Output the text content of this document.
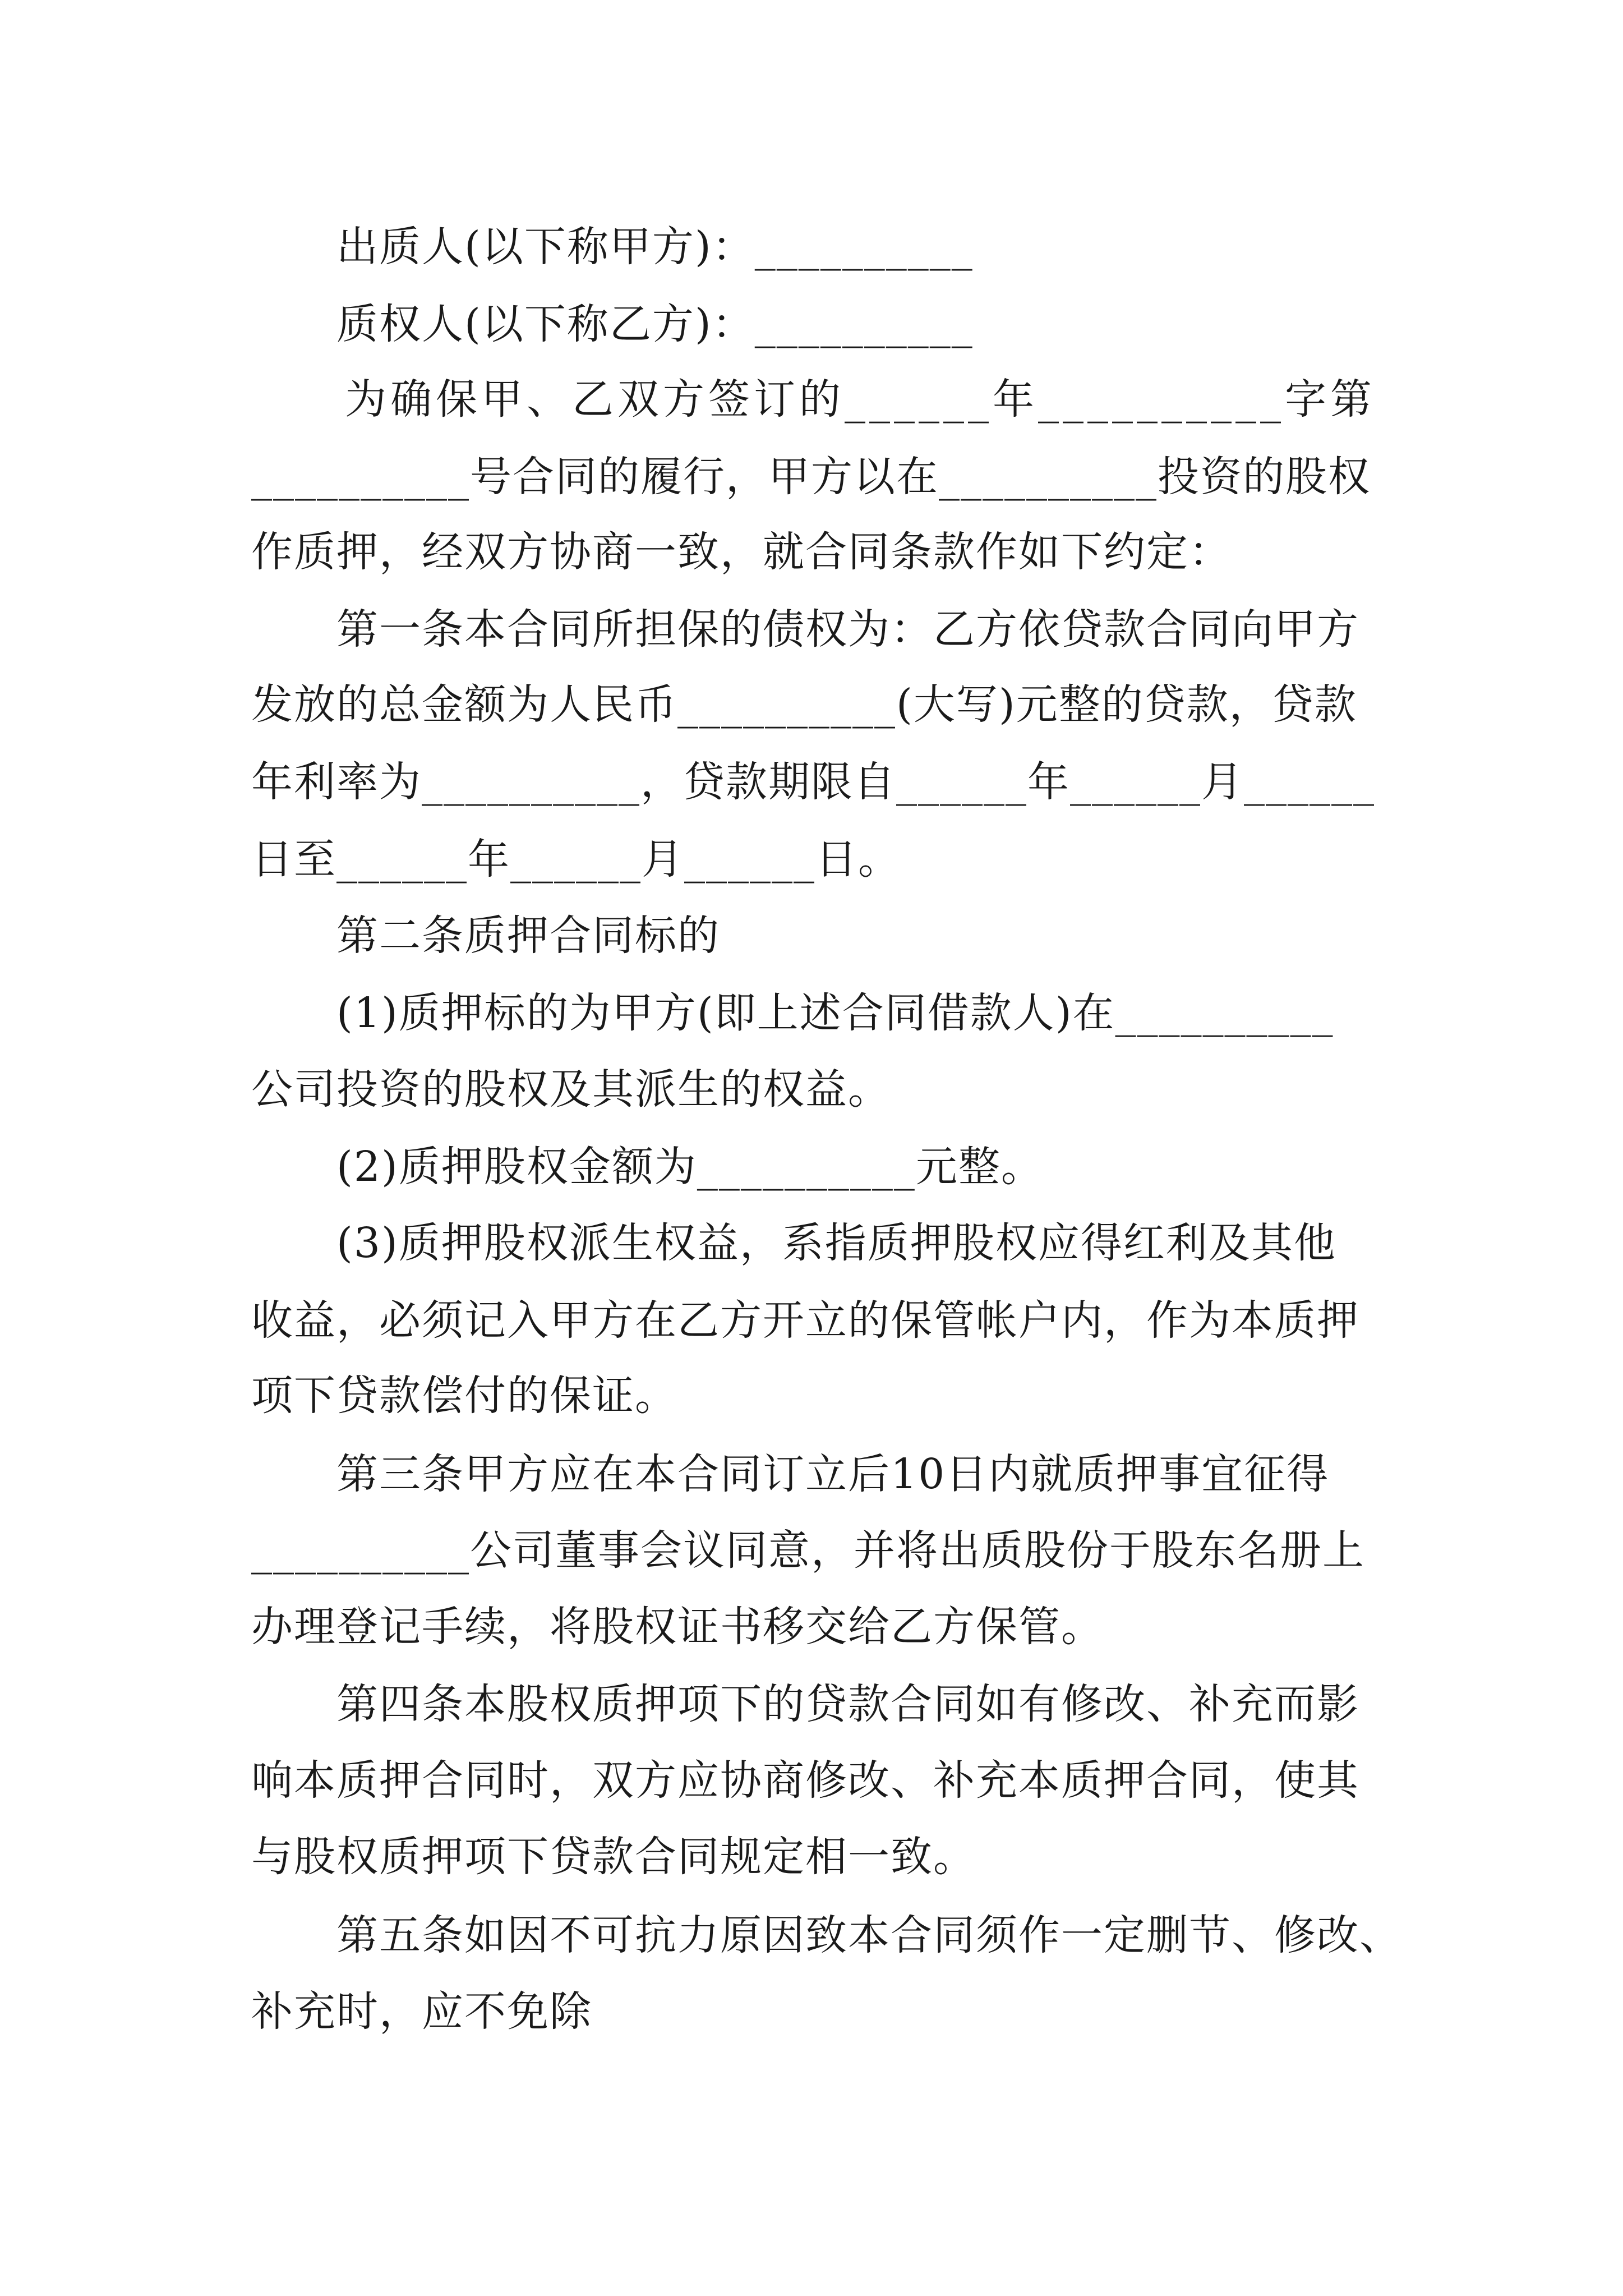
出质人(以下称甲方)：__________
质权人(以下称乙方)：__________
为确保甲、乙双方签订的______年__________字第
__________号合同的履行，甲方以在__________投资的股权
作质押，经双方协商一致，就合同条款作如下约定：
第一条本合同所担保的债权为：乙方依贷款合同向甲方
发放的总金额为人民币__________(大写)元整的贷款，贷款
年利率为__________，贷款期限自______年______月______
日至______年______月______日。
第二条质押合同标的
(1)质押标的为甲方(即上述合同借款人)在__________
公司投资的股权及其派生的权益。
(2)质押股权金额为__________元整。
(3)质押股权派生权益，系指质押股权应得红利及其他
收益，必须记入甲方在乙方开立的保管帐户内，作为本质押
项下贷款偿付的保证。
第三条甲方应在本合同订立后10日内就质押事宜征得
__________公司董事会议同意，并将出质股份于股东名册上
办理登记手续，将股权证书移交给乙方保管。
第四条本股权质押项下的贷款合同如有修改、补充而影
响本质押合同时，双方应协商修改、补充本质押合同，使其
与股权质押项下贷款合同规定相一致。
第五条如因不可抗力原因致本合同须作一定删节、修改、
补充时，应不免除
